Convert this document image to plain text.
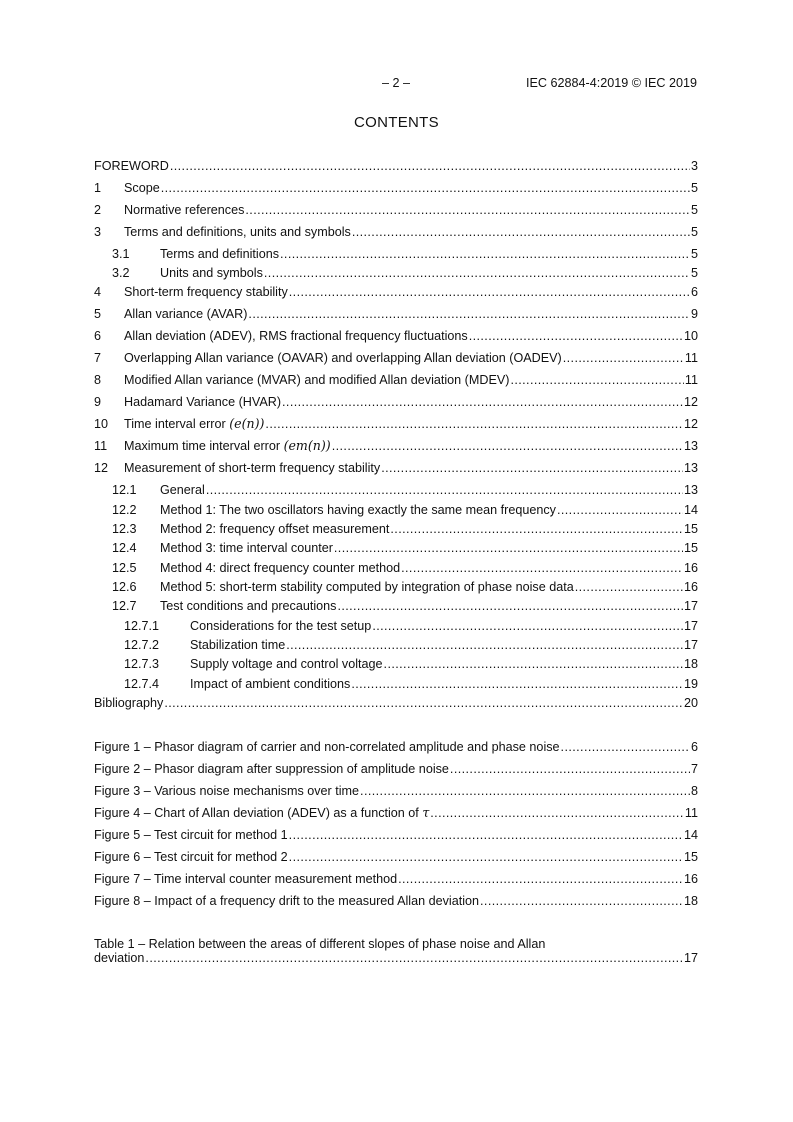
– 2 –	IEC 62884-4:2019 © IEC 2019
CONTENTS
FOREWORD .....	3
1	Scope .....	5
2	Normative references .....	5
3	Terms and definitions, units and symbols .....	5
3.1	Terms and definitions .....	5
3.2	Units and symbols .....	5
4	Short-term frequency stability .....	6
5	Allan variance (AVAR) .....	9
6	Allan deviation (ADEV), RMS fractional frequency fluctuations .....	10
7	Overlapping Allan variance (OAVAR) and overlapping Allan deviation (OADEV) .....	11
8	Modified Allan variance (MVAR) and modified Allan deviation (MDEV) .....	11
9	Hadamard Variance (HVAR) .....	12
10	Time interval error (e(n)) .....	12
11	Maximum time interval error (em(n)) .....	13
12	Measurement of short-term frequency stability .....	13
12.1	General .....	13
12.2	Method 1: The two oscillators having exactly the same mean frequency .....	14
12.3	Method 2: frequency offset measurement .....	15
12.4	Method 3: time interval counter .....	15
12.5	Method 4: direct frequency counter method .....	16
12.6	Method 5: short-term stability computed by integration of phase noise data .....	16
12.7	Test conditions and precautions .....	17
12.7.1	Considerations for the test setup .....	17
12.7.2	Stabilization time .....	17
12.7.3	Supply voltage and control voltage .....	18
12.7.4	Impact of ambient conditions .....	19
Bibliography .....	20
Figure 1 – Phasor diagram of carrier and non-correlated amplitude and phase noise .....	6
Figure 2 – Phasor diagram after suppression of amplitude noise .....	7
Figure 3 – Various noise mechanisms over time .....	8
Figure 4 – Chart of Allan deviation (ADEV) as a function of τ .....	11
Figure 5 – Test circuit for method 1 .....	14
Figure 6 – Test circuit for method 2 .....	15
Figure 7 – Time interval counter measurement method .....	16
Figure 8 – Impact of a frequency drift to the measured Allan deviation .....	18
Table 1 – Relation between the areas of different slopes of phase noise and Allan
deviation .....	17
